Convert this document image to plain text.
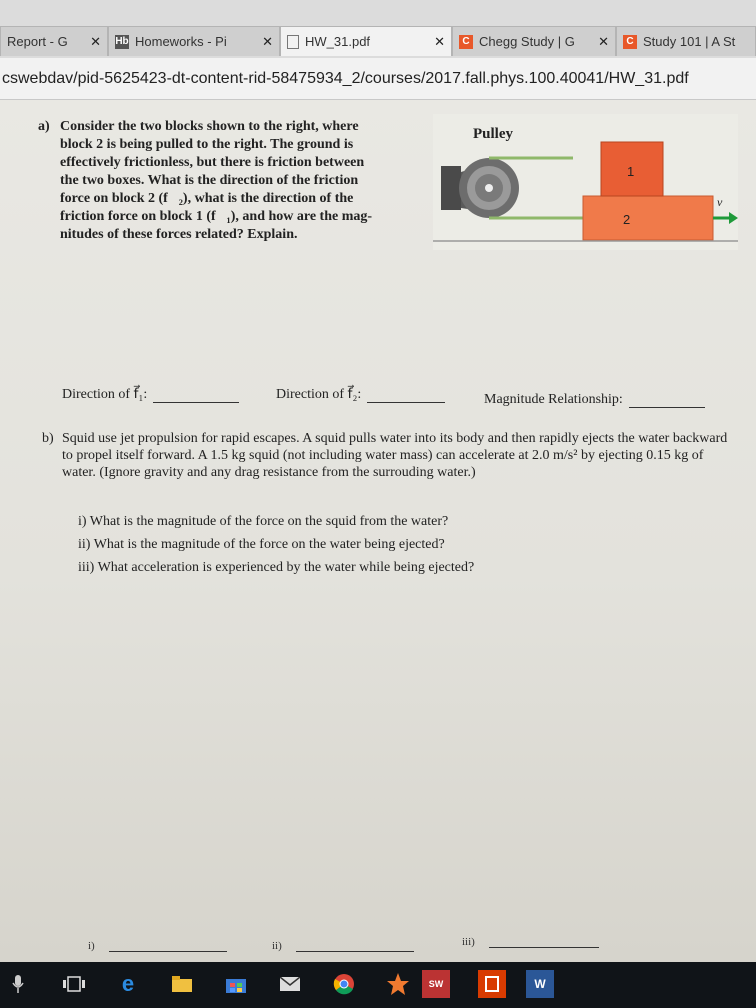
Report - G	✕ Hb Homeworks - Pi	✕ HW_31.pdf	✕	C Chegg Study | G	✕	C Study 101 | A St
cswebdav/pid-5625423-dt-content-rid-58475934_2/courses/2017.fall.phys.100.40041/HW_31.pdf
a) Consider the two blocks shown to the right, where
block 2 is being pulled to the right. The ground is
effectively frictionless, but there is friction between
the two boxes. What is the direction of the friction
force on block 2 (f⃗₂), what is the direction of the
friction force on block 1 (f⃗₁), and how are the mag-
nitudes of these forces related? Explain.
Pulley
1
2
v⃗
Direction of f⃗₁:	Direction of f⃗₂:	Magnitude Relationship:
b) Squid use jet propulsion for rapid escapes. A squid pulls water into its body and then rapidly ejects the water backward to propel itself forward. A 1.5 kg squid (not including water mass) can accelerate at 2.0 m/s² by ejecting 0.15 kg of water. (Ignore gravity and any drag resistance from the surrouding water.)
i) What is the magnitude of the force on the squid from the water?
ii) What is the magnitude of the force on the water being ejected?
iii) What acceleration is experienced by the water while being ejected?
i)	ii)	iii)
e	SW	W
